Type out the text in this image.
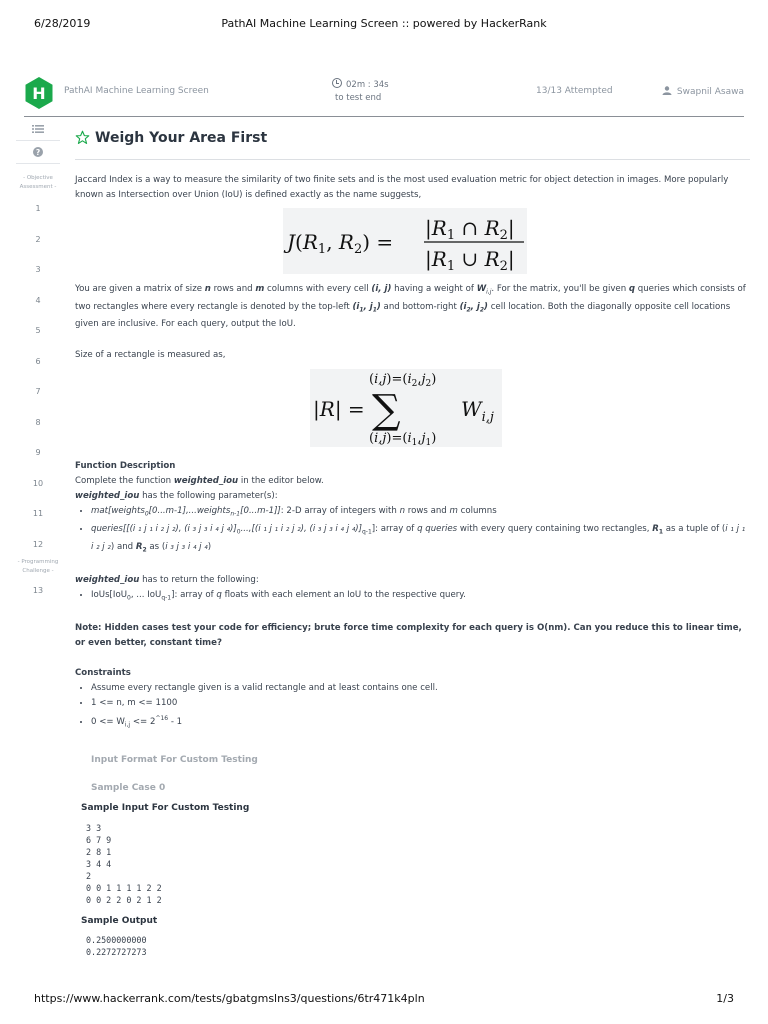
6/28/2019	PathAI Machine Learning Screen :: powered by HackerRank
H PathAI Machine Learning Screen
02m : 34s
to test end
13/13 Attempted	Swapnil Asawa
?
- Objective Assessment -
1
2
3
4
5
6
7
8
9
10
11
12
- Programming Challenge -
13
Weigh Your Area First

Jaccard Index is a way to measure the similarity of two finite sets and is the most used evaluation metric for object detection in images. More popularly known as Intersection over Union (IoU) is defined exactly as the name suggests,

$J(R_1$, $R_2$) =
$|R_1$ ∩ $R_2|$
$|R_1$ ∪ $R_2|$

You are given a matrix of size n rows and m columns with every cell (i, j) having a weight of $W_{i,j}$. For the matrix, you'll be given q queries which consists of two rectangles where every rectangle is denoted by the top-left ($i_1$, $j_1$) and bottom-right ($i_2$, $j_2$) cell location. Both the diagonally opposite cell locations given are inclusive. For each query, output the IoU.

Size of a rectangle is measured as,

$(i,j)=(i_2,j_2)$
|R| = ∑	$W_{i,j}$
$(i,j)=(i_1,j_1)$

Function Description

Complete the function weighted_iou in the editor below.

weighted_iou has the following parameter(s):

• mat[weights$_0$[0...m-1],...weights$_{n-1}$[0...m-1]]: 2-D array of integers with n rows and m columns
• queries[[(i ₁ j ₁ i ₂ j ₂), (i ₃ j ₃ i ₄ j $_4)]_0...,[(i$ ₁ j ₁ i ₂ j ₂), (i ₃ j ₃ i ₄ j $_4)]_{q-1}$]: array of q queries with every query containing two rectangles, $R_1$ as a tuple of (i ₁ j ₁ i ₂ j ₂) and $R_2$ as (i ₃ j ₃ i ₄ j ₄)

weighted_iou has to return the following:

• IoUs[IoU$_0$, ... IoU$_{q-1}$]: array of q floats with each element an IoU to the respective query.

Note: Hidden cases test your code for efficiency; brute force time complexity for each query is O(nm). Can you reduce this to linear time, or even better, constant time?

Constraints

• Assume every rectangle given is a valid rectangle and at least contains one cell.
• 1 <= n, m <= 1100
• $0 <= W_{i,j} <= 2^{\^{}16} - 1$
Input Format For Custom Testing
Sample Case 0
Sample Input For Custom Testing
3 3
6 7 9
2 8 1
3 4 4
2
0 0 1 1 1 1 2 2
0 0 2 2 0 2 1 2
Sample Output
0.2500000000
0.2272727273
https://www.hackerrank.com/tests/gbatgmslns3/questions/6tr471k4pln	1/3
